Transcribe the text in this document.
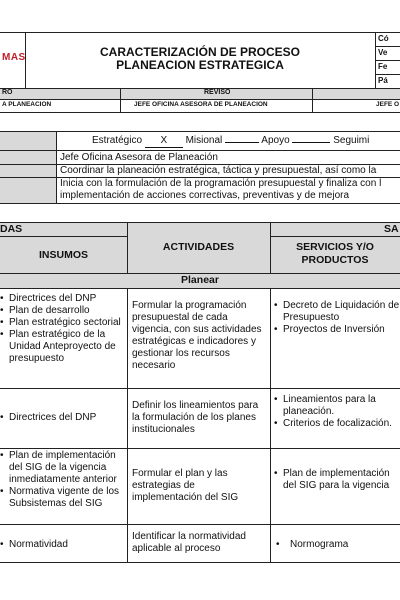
MAS	CARACTERIZACIÓN DE PROCESO
PLANEACION ESTRATEGICA
Có
Ve
Fe
Pá
RO	REVISO
A PLANEACIÓN	JEFE OFICINA ASESORA DE PLANEACIÓN	JEFE O
Estratégico X Misional	Apoyo	Seguimi
Jefe Oficina Asesora de Planeación
Coordinar la planeación estratégica, táctica y presupuestal, así como la
Inicia con la formulación de la programación presupuestal y finaliza con l
implementación de acciones correctivas, preventivas y de mejora
DAS	SA
INSUMOS
ACTIVIDADES	SERVICIOS Y/O
PRODUCTOS
Planear
• Directrices del DNP
• Plan de desarrollo
• Plan estratégico sectorial
• Plan estratégico de la Unidad Anteproyecto de presupuesto
Formular la programación presupuestal de cada vigencia, con sus actividades estratégicas e indicadores y gestionar los recursos necesario
• Decreto de Liquidación de Presupuesto
• Proyectos de Inversión
• Directrices del DNP
Definir los lineamientos para la formulación de los planes institucionales
• Lineamientos para la planeación.
• Criterios de focalización.
• Plan de implementación del SIG de la vigencia inmediatamente anterior
• Normativa vigente de los Subsistemas del SIG
Formular el plan y las estrategias de implementación del SIG
• Plan de implementación del SIG para la vigencia
• Normatividad
Identificar la normatividad aplicable al proceso
•	Normograma
